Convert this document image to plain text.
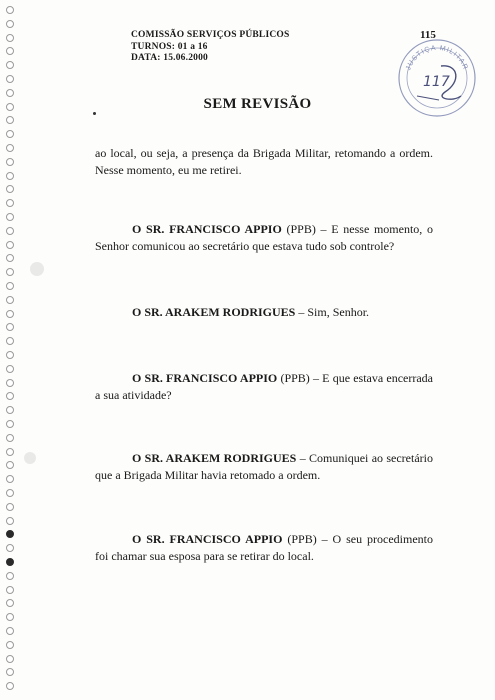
COMISSÃO SERVIÇOS PÚBLICOS
TURNOS: 01 a 16
DATA: 15.06.2000
115
JUSTIÇA MILITAR
117
SEM REVISÃO
ao local, ou seja, a presença da Brigada Militar, retomando a ordem. Nesse momento, eu me retirei.
O SR. FRANCISCO APPIO (PPB) – E nesse momento, o Senhor comunicou ao secretário que estava tudo sob controle?
O SR. ARAKEM RODRIGUES – Sim, Senhor.
O SR. FRANCISCO APPIO (PPB) – E que estava encerrada a sua atividade?
O SR. ARAKEM RODRIGUES – Comuniquei ao secretário que a Brigada Militar havia retomado a ordem.
O SR. FRANCISCO APPIO (PPB) – O seu procedimento foi chamar sua esposa para se retirar do local.
